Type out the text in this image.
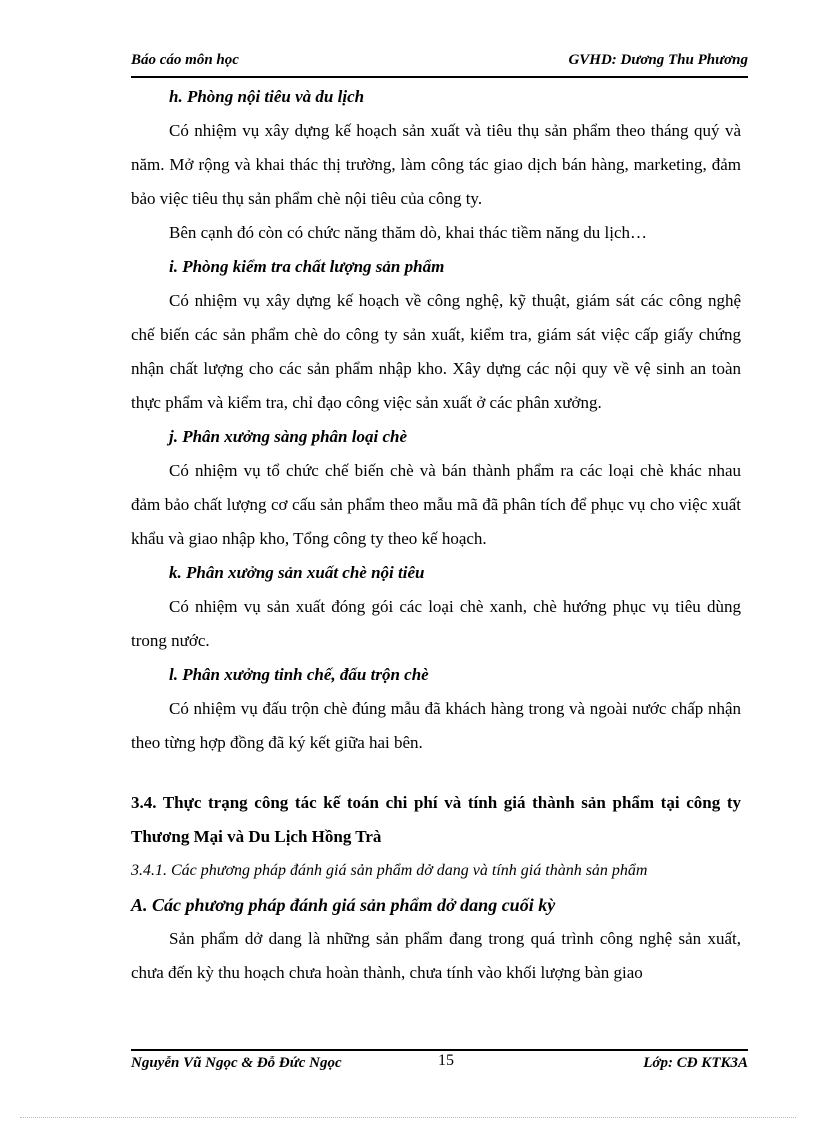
Báo cáo môn học	GVHD: Dương Thu Phương

h. Phòng nội tiêu và du lịch

Có nhiệm vụ xây dựng kế hoạch sản xuất và tiêu thụ sản phẩm theo tháng quý và năm. Mở rộng và khai thác thị trường, làm công tác giao dịch bán hàng, marketing, đảm bảo việc tiêu thụ sản phẩm chè nội tiêu của công ty.

Bên cạnh đó còn có chức năng thăm dò, khai thác tiềm năng du lịch…

i. Phòng kiểm tra chất lượng sản phẩm

Có nhiệm vụ xây dựng kế hoạch về công nghệ, kỹ thuật, giám sát các công nghệ chế biến các sản phẩm chè do công ty sản xuất, kiểm tra, giám sát việc cấp giấy chứng nhận chất lượng cho các sản phẩm nhập kho. Xây dựng các nội quy về vệ sinh an toàn thực phẩm và kiểm tra, chỉ đạo công việc sản xuất ở các phân xưởng.

j. Phân xưởng sàng phân loại chè

Có nhiệm vụ tổ chức chế biến chè và bán thành phẩm ra các loại chè khác nhau đảm bảo chất lượng cơ cấu sản phẩm theo mẫu mã đã phân tích để phục vụ cho việc xuất khẩu và giao nhập kho, Tổng công ty theo kế hoạch.

k. Phân xưởng sản xuất chè nội tiêu

Có nhiệm vụ sản xuất đóng gói các loại chè xanh, chè hướng phục vụ tiêu dùng trong nước.

l. Phân xưởng tinh chế, đấu trộn chè

Có nhiệm vụ đấu trộn chè đúng mẫu đã khách hàng trong và ngoài nước chấp nhận theo từng hợp đồng đã ký kết giữa hai bên.

3.4. Thực trạng công tác kế toán chi phí và tính giá thành sản phẩm tại công ty Thương Mại và Du Lịch Hồng Trà

3.4.1. Các phương pháp đánh giá sản phẩm dở dang và tính giá thành sản phẩm

A. Các phương pháp đánh giá sản phẩm dở dang cuối kỳ

Sản phẩm dở dang là những sản phẩm đang trong quá trình công nghệ sản xuất, chưa đến kỳ thu hoạch chưa hoàn thành, chưa tính vào khối lượng bàn giao

Nguyễn Vũ Ngọc & Đỗ Đức Ngọc	15	Lớp: CĐ KTK3A
